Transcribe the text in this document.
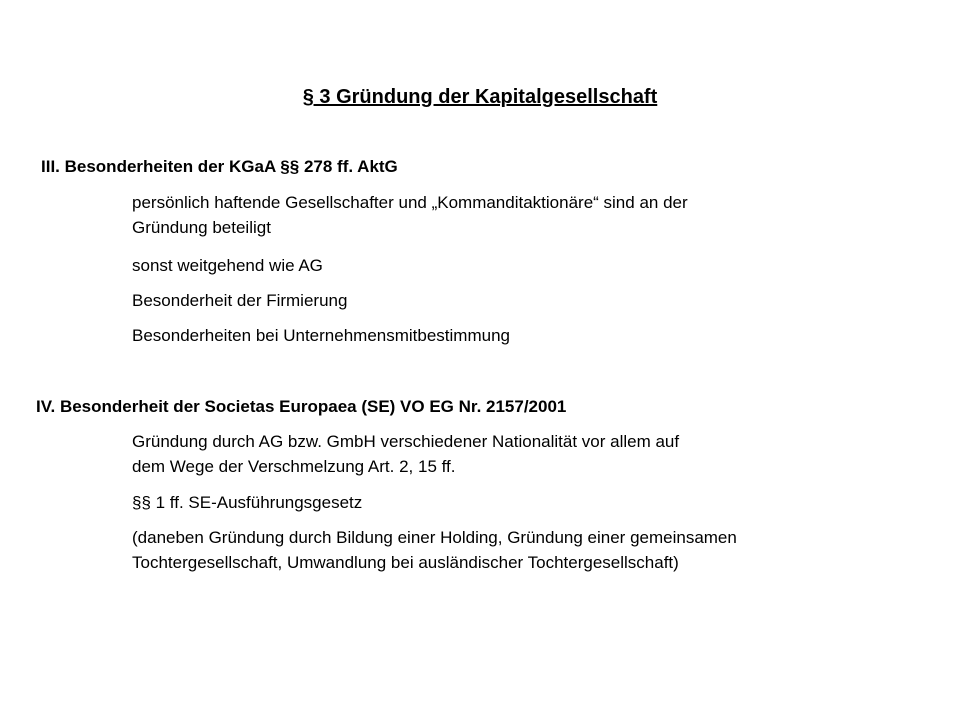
§ 3 Gründung der Kapitalgesellschaft
III. Besonderheiten der KGaA §§ 278 ff. AktG
persönlich haftende Gesellschafter und „Kommanditaktionäre“ sind an der
Gründung beteiligt
sonst weitgehend wie AG
Besonderheit der Firmierung
Besonderheiten bei Unternehmensmitbestimmung
IV. Besonderheit der Societas Europaea (SE) VO EG Nr. 2157/2001
Gründung durch AG bzw. GmbH verschiedener Nationalität vor allem auf
dem Wege der Verschmelzung Art. 2, 15 ff.
§§ 1 ff. SE-Ausführungsgesetz
(daneben Gründung durch Bildung einer Holding, Gründung einer gemeinsamen
Tochtergesellschaft, Umwandlung bei ausländischer Tochtergesellschaft)
